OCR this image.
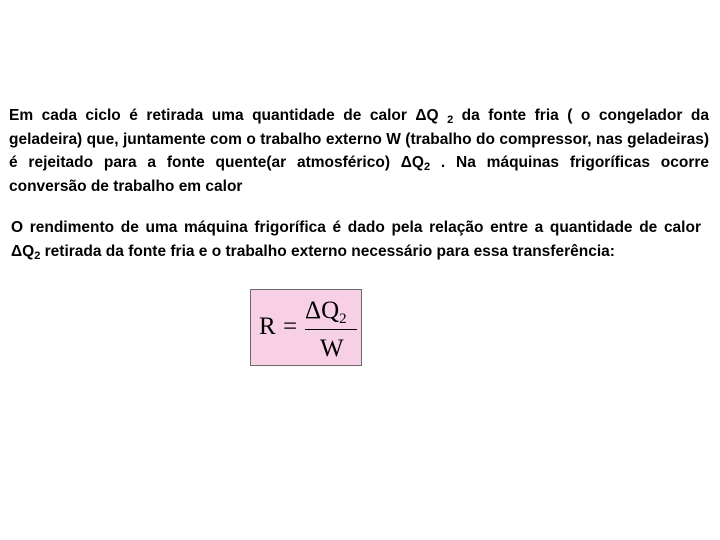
Em cada ciclo é retirada uma quantidade de calor ΔQ $_2$ da fonte fria ( o congelador da geladeira) que, juntamente com o trabalho externo W (trabalho do compressor, nas geladeiras) é rejeitado para a fonte quente(ar atmosférico) $\Delta Q_2$ . Na máquinas frigoríficas ocorre conversão de trabalho em calor
O rendimento de uma máquina frigorífica é dado pela relação entre a quantidade de calor $\Delta Q_2$ retirada da fonte fria e o trabalho externo necessário para essa transferência:
R =
$\Delta Q_2$
W
